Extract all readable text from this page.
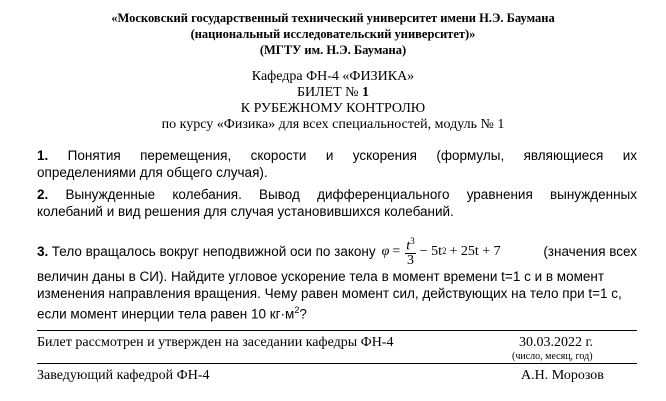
«Московский государственный технический университет имени Н.Э. Баумана
(национальный исследовательский университет)»
(МГТУ им. Н.Э. Баумана)
Кафедра ФН-4 «ФИЗИКА»
БИЛЕТ № 1
К РУБЕЖНОМУ КОНТРОЛЮ
по курсу «Физика» для всех специальностей, модуль № 1
1. Понятия перемещения, скорости и ускорения (формулы, являющиеся их
определениями для общего случая).
2. Вынужденные колебания. Вывод дифференциального уравнения вынужденных
колебаний и вид решения для случая установившихся колебаний.
3.
Тело вращалось вокруг неподвижной оси по закону $\varphi = \frac{t^3}{3} - 5t$ 2 + 25t + 7	(значения всех
величин даны в СИ). Найдите угловое ускорение тела в момент времени t=1 с и в момент
изменения направления вращения. Чему равен момент сил, действующих на тело при t=1 с,
если момент инерции тела равен 10 $кг\cdot м^2$?
Билет рассмотрен и утвержден на заседании кафедры ФН-4	30.03.2022 г.
(число, месяц, год)
Заведующий кафедрой ФН-4	А.Н. Морозов
